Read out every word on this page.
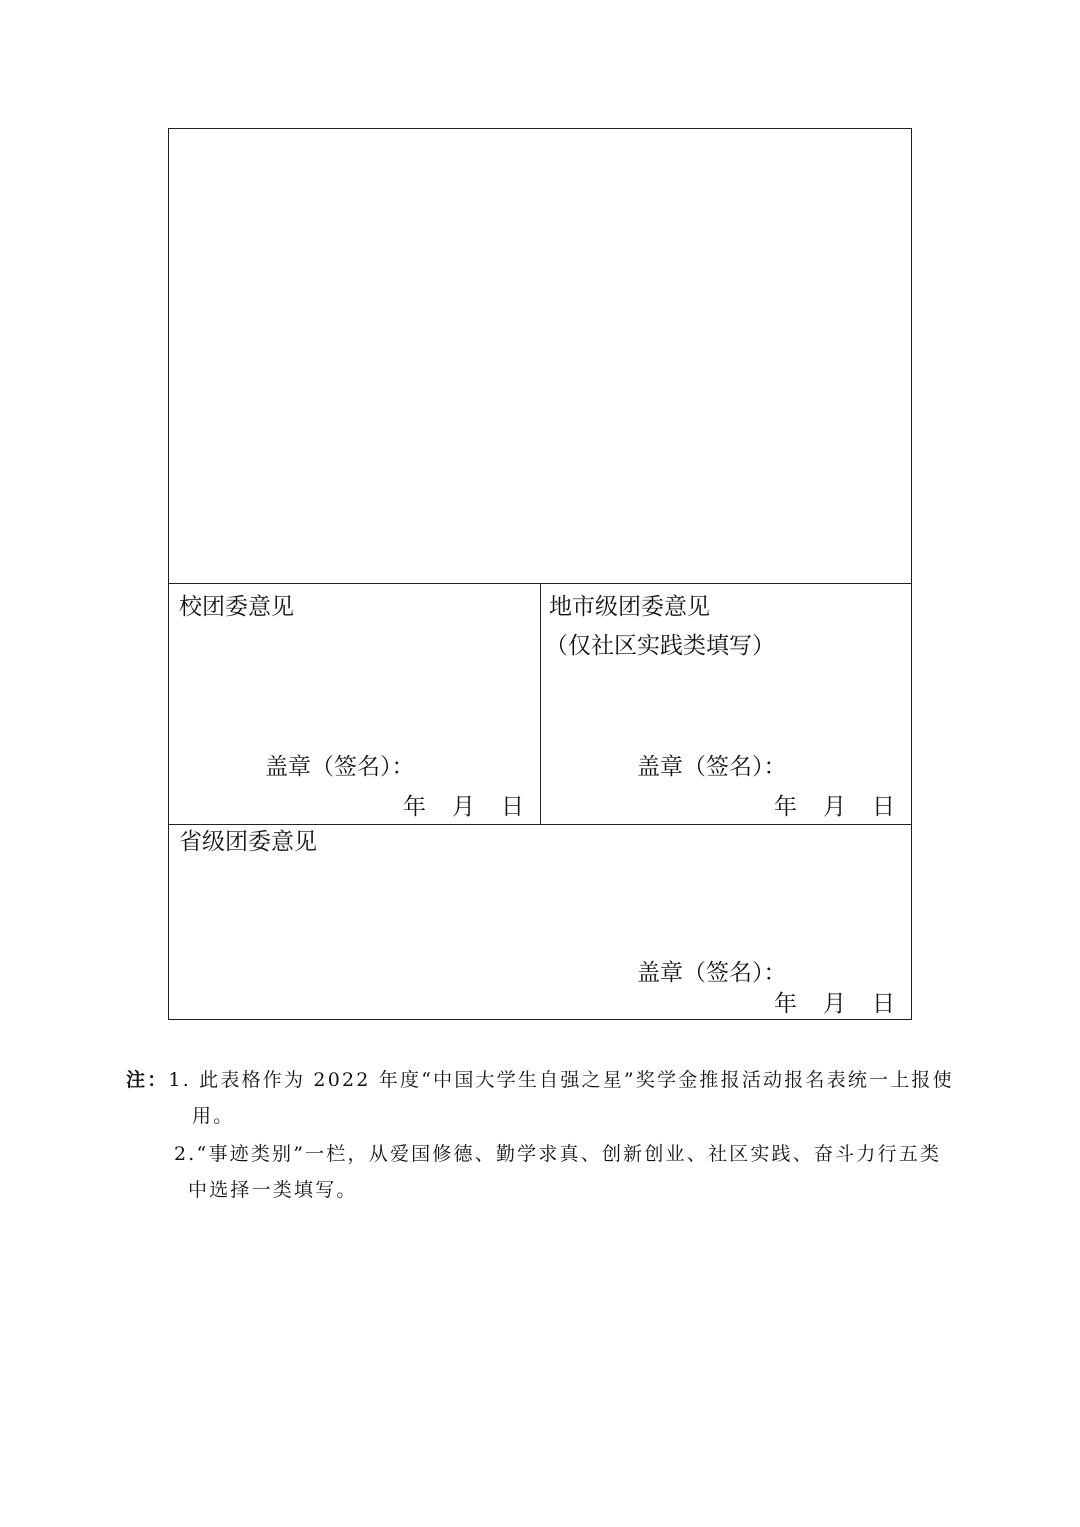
校团委意见
盖章（签名）：
年 月 日
地市级团委意见
（仅社区实践类填写）
盖章（签名）：
年 月 日
省级团委意见
盖章（签名）：
年 月 日
注：1. 此表格作为 2022 年度“中国大学生自强之星”奖学金推报活动报名表统一上报使
用。
2.“事迹类别”一栏，从爱国修德、勤学求真、创新创业、社区实践、奋斗力行五类
中选择一类填写。
